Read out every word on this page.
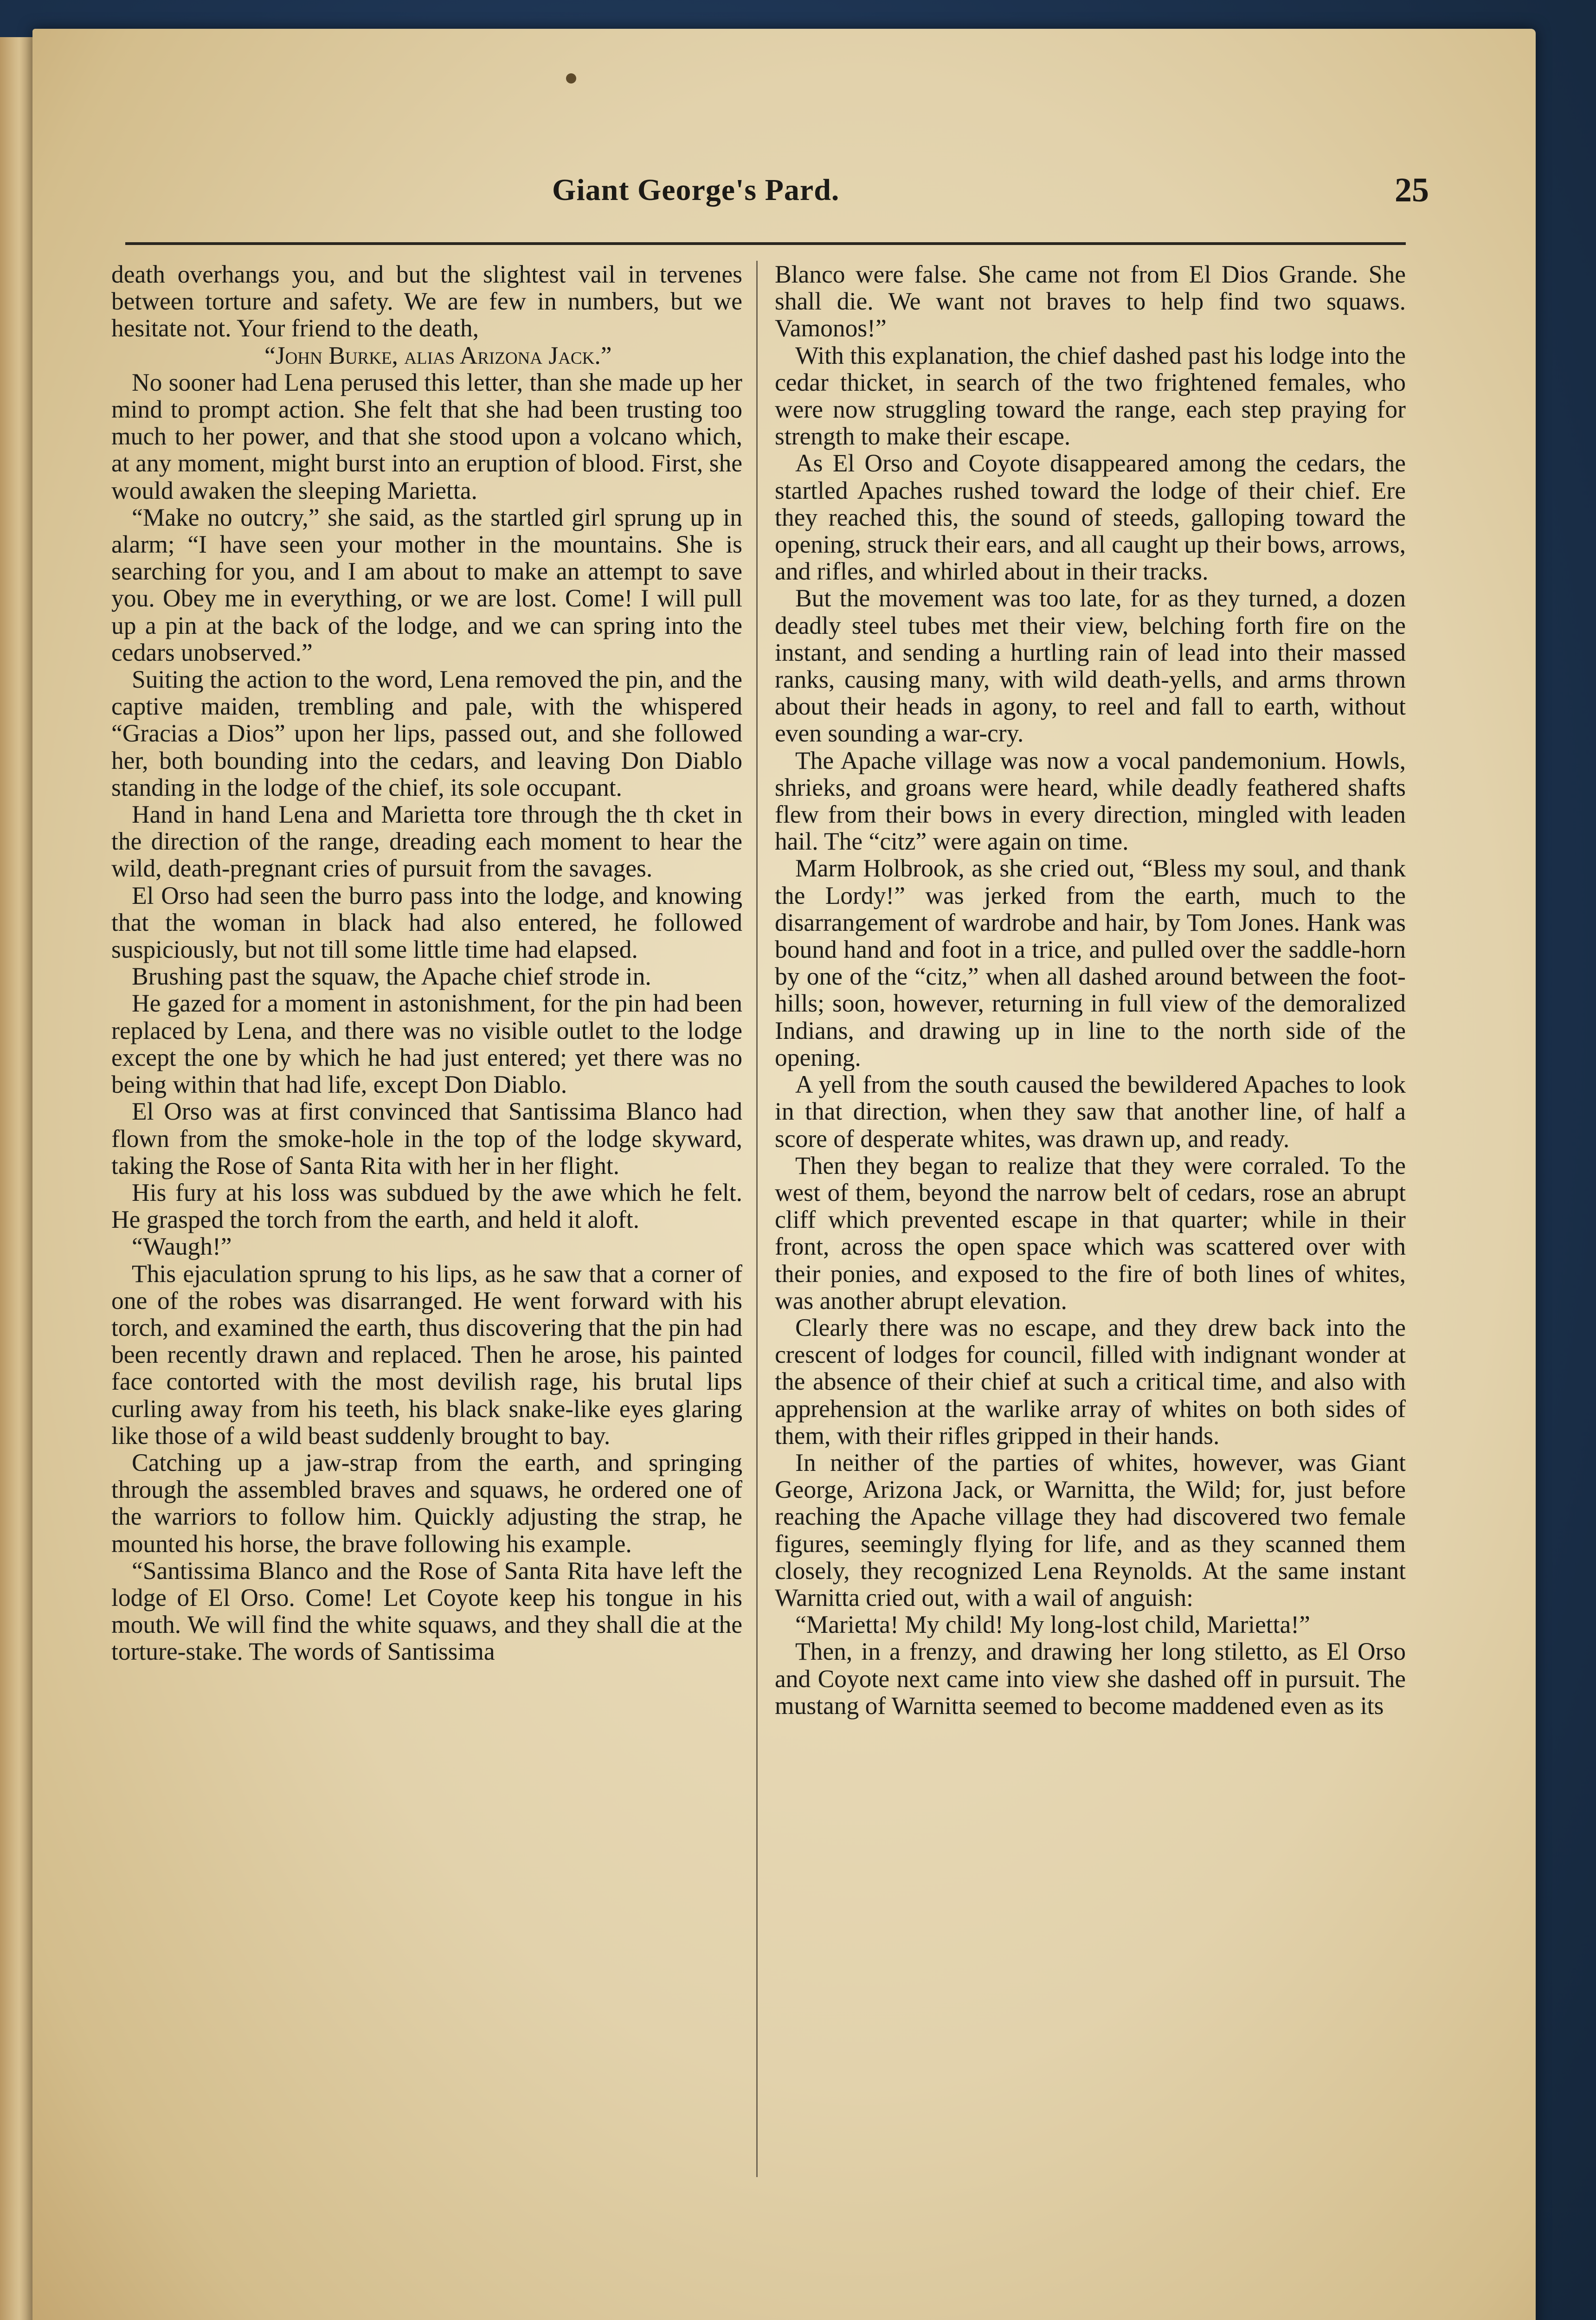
Giant George's Pard.	25

death overhangs you, and but the slightest vail in tervenes between torture and safety. We are few in numbers, but we hesitate not. Your friend to the death,

“John Burke, alias Arizona Jack.”

No sooner had Lena perused this letter, than she made up her mind to prompt action. She felt that she had been trusting too much to her power, and that she stood upon a volcano which, at any moment, might burst into an eruption of blood. First, she would awaken the sleeping Marietta.

“Make no outcry,” she said, as the startled girl sprung up in alarm; “I have seen your mother in the mountains. She is searching for you, and I am about to make an attempt to save you. Obey me in everything, or we are lost. Come! I will pull up a pin at the back of the lodge, and we can spring into the cedars unobserved.”

Suiting the action to the word, Lena removed the pin, and the captive maiden, trembling and pale, with the whispered “Gracias a Dios” upon her lips, passed out, and she followed her, both bounding into the cedars, and leaving Don Diablo standing in the lodge of the chief, its sole occupant.

Hand in hand Lena and Marietta tore through the th cket in the direction of the range, dreading each moment to hear the wild, death-pregnant cries of pursuit from the savages.

El Orso had seen the burro pass into the lodge, and knowing that the woman in black had also entered, he followed suspiciously, but not till some little time had elapsed.

Brushing past the squaw, the Apache chief strode in.

He gazed for a moment in astonishment, for the pin had been replaced by Lena, and there was no visible outlet to the lodge except the one by which he had just entered; yet there was no being within that had life, except Don Diablo.

El Orso was at first convinced that Santissima Blanco had flown from the smoke-hole in the top of the lodge skyward, taking the Rose of Santa Rita with her in her flight.

His fury at his loss was subdued by the awe which he felt. He grasped the torch from the earth, and held it aloft.

“Waugh!”

This ejaculation sprung to his lips, as he saw that a corner of one of the robes was disarranged. He went forward with his torch, and examined the earth, thus discovering that the pin had been recently drawn and replaced. Then he arose, his painted face contorted with the most devilish rage, his brutal lips curling away from his teeth, his black snake-like eyes glaring like those of a wild beast suddenly brought to bay.

Catching up a jaw-strap from the earth, and springing through the assembled braves and squaws, he ordered one of the warriors to follow him. Quickly adjusting the strap, he mounted his horse, the brave following his example.

“Santissima Blanco and the Rose of Santa Rita have left the lodge of El Orso. Come! Let Coyote keep his tongue in his mouth. We will find the white squaws, and they shall die at the torture-stake. The words of Santissima

Blanco were false. She came not from El Dios Grande. She shall die. We want not braves to help find two squaws. Vamonos!”

With this explanation, the chief dashed past his lodge into the cedar thicket, in search of the two frightened females, who were now struggling toward the range, each step praying for strength to make their escape.

As El Orso and Coyote disappeared among the cedars, the startled Apaches rushed toward the lodge of their chief. Ere they reached this, the sound of steeds, galloping toward the opening, struck their ears, and all caught up their bows, arrows, and rifles, and whirled about in their tracks.

But the movement was too late, for as they turned, a dozen deadly steel tubes met their view, belching forth fire on the instant, and sending a hurtling rain of lead into their massed ranks, causing many, with wild death-yells, and arms thrown about their heads in agony, to reel and fall to earth, without even sounding a war-cry.

The Apache village was now a vocal pandemonium. Howls, shrieks, and groans were heard, while deadly feathered shafts flew from their bows in every direction, mingled with leaden hail. The “citz” were again on time.

Marm Holbrook, as she cried out, “Bless my soul, and thank the Lordy!” was jerked from the earth, much to the disarrangement of wardrobe and hair, by Tom Jones. Hank was bound hand and foot in a trice, and pulled over the saddle-horn by one of the “citz,” when all dashed around between the foot-hills; soon, however, returning in full view of the demoralized Indians, and drawing up in line to the north side of the opening.

A yell from the south caused the bewildered Apaches to look in that direction, when they saw that another line, of half a score of desperate whites, was drawn up, and ready.

Then they began to realize that they were corraled. To the west of them, beyond the narrow belt of cedars, rose an abrupt cliff which prevented escape in that quarter; while in their front, across the open space which was scattered over with their ponies, and exposed to the fire of both lines of whites, was another abrupt elevation.

Clearly there was no escape, and they drew back into the crescent of lodges for council, filled with indignant wonder at the absence of their chief at such a critical time, and also with apprehension at the warlike array of whites on both sides of them, with their rifles gripped in their hands.

In neither of the parties of whites, however, was Giant George, Arizona Jack, or Warnitta, the Wild; for, just before reaching the Apache village they had discovered two female figures, seemingly flying for life, and as they scanned them closely, they recognized Lena Reynolds. At the same instant Warnitta cried out, with a wail of anguish:

“Marietta! My child! My long-lost child, Marietta!”

Then, in a frenzy, and drawing her long stiletto, as El Orso and Coyote next came into view she dashed off in pursuit. The mustang of Warnitta seemed to become maddened even as its
